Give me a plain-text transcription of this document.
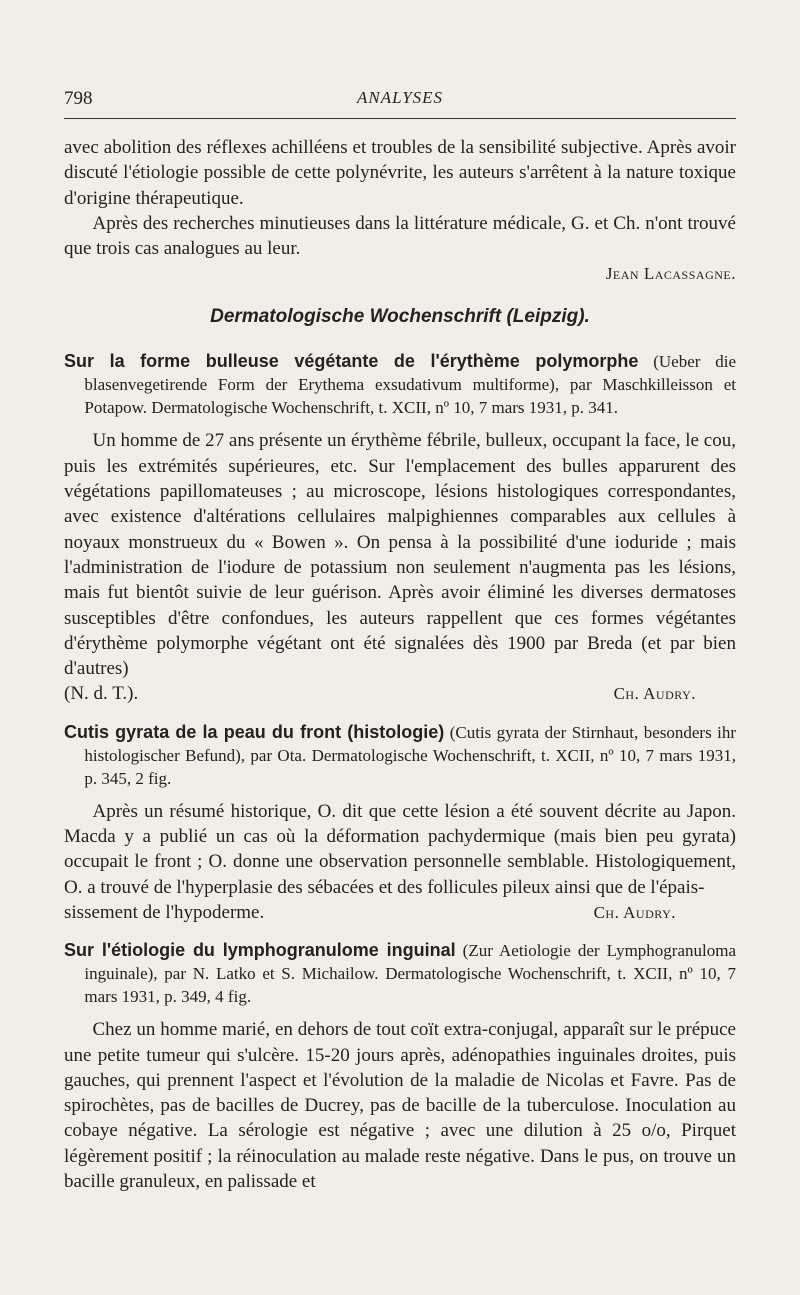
798	ANALYSES

avec abolition des réflexes achilléens et troubles de la sensibilité subjective. Après avoir discuté l'étiologie possible de cette polynévrite, les auteurs s'arrêtent à la nature toxique d'origine thérapeutique.

Après des recherches minutieuses dans la littérature médicale, G. et Ch. n'ont trouvé que trois cas analogues au leur.

Jean Lacassagne.
Dermatologische Wochenschrift (Leipzig).
Sur la forme bulleuse végétante de l'érythème polymorphe (Ueber die blasenvegetirende Form der Erythema exsudativum multiforme), par Maschkilleisson et Potapow. Dermatologische Wochenschrift, t. XCII, nº 10, 7 mars 1931, p. 341.

Un homme de 27 ans présente un érythème fébrile, bulleux, occupant la face, le cou, puis les extrémités supérieures, etc. Sur l'emplacement des bulles apparurent des végétations papillomateuses ; au microscope, lésions histologiques correspondantes, avec existence d'altérations cellulaires malpighiennes comparables aux cellules à noyaux monstrueux du « Bowen ». On pensa à la possibilité d'une ioduride ; mais l'administration de l'iodure de potassium non seulement n'augmenta pas les lésions, mais fut bientôt suivie de leur guérison. Après avoir éliminé les diverses dermatoses susceptibles d'être confondues, les auteurs rappellent que ces formes végétantes d'érythème polymorphe végétant ont été signalées dès 1900 par Breda (et par bien d'autres)

(N. d. T.).	Ch. Audry.
Cutis gyrata de la peau du front (histologie) (Cutis gyrata der Stirnhaut, besonders ihr histologischer Befund), par Ota. Dermatologische Wochenschrift, t. XCII, nº 10, 7 mars 1931, p. 345, 2 fig.

Après un résumé historique, O. dit que cette lésion a été souvent décrite au Japon. Macda y a publié un cas où la déformation pachydermique (mais bien peu gyrata) occupait le front ; O. donne une observation personnelle semblable. Histologiquement, O. a trouvé de l'hyperplasie des sébacées et des follicules pileux ainsi que de l'épais-

sissement de l'hypoderme.	Ch. Audry.
Sur l'étiologie du lymphogranulome inguinal (Zur Aetiologie der Lymphogranuloma inguinale), par N. Latko et S. Michailow. Dermatologische Wochenschrift, t. XCII, nº 10, 7 mars 1931, p. 349, 4 fig.

Chez un homme marié, en dehors de tout coït extra-conjugal, apparaît sur le prépuce une petite tumeur qui s'ulcère. 15-20 jours après, adénopathies inguinales droites, puis gauches, qui prennent l'aspect et l'évolution de la maladie de Nicolas et Favre. Pas de spirochètes, pas de bacilles de Ducrey, pas de bacille de la tuberculose. Inoculation au cobaye négative. La sérologie est négative ; avec une dilution à 25 o/o, Pirquet légèrement positif ; la réinoculation au malade reste négative. Dans le pus, on trouve un bacille granuleux, en palissade et
